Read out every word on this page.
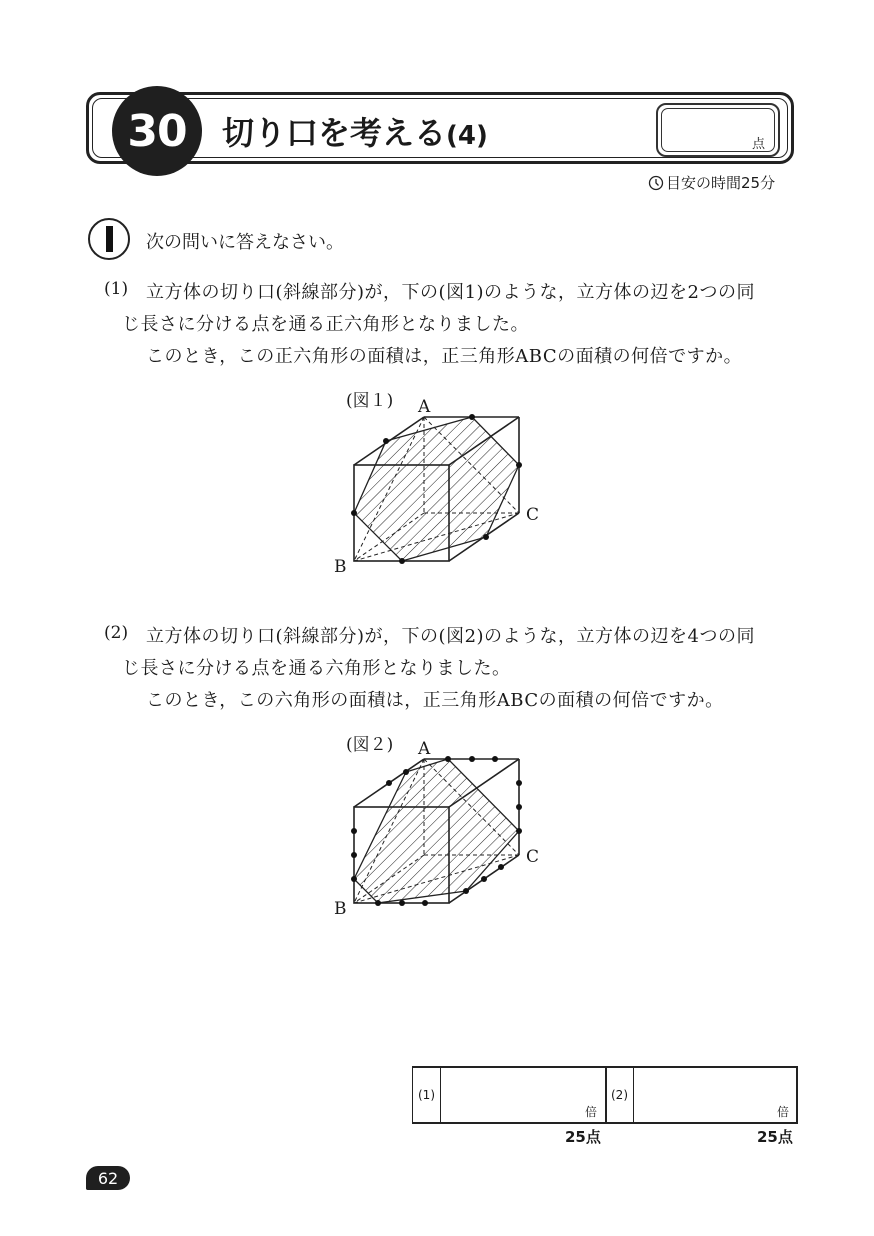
30	切り口を考える(4)	点
目安の時間25分
次の問いに答えなさい。
(1) 立方体の切り口(斜線部分)が，下の(図1)のような，立方体の辺を2つの同
じ長さに分ける点を通る正六角形となりました。
このとき，この正六角形の面積は，正三角形ABCの面積の何倍ですか。
(図１) A
B
C
(2) 立方体の切り口(斜線部分)が，下の(図2)のような，立方体の辺を4つの同
じ長さに分ける点を通る六角形となりました。
このとき，この六角形の面積は，正三角形ABCの面積の何倍ですか。
(図２) A
B
C
(1)
倍
(2)
倍
25点	25点
62
